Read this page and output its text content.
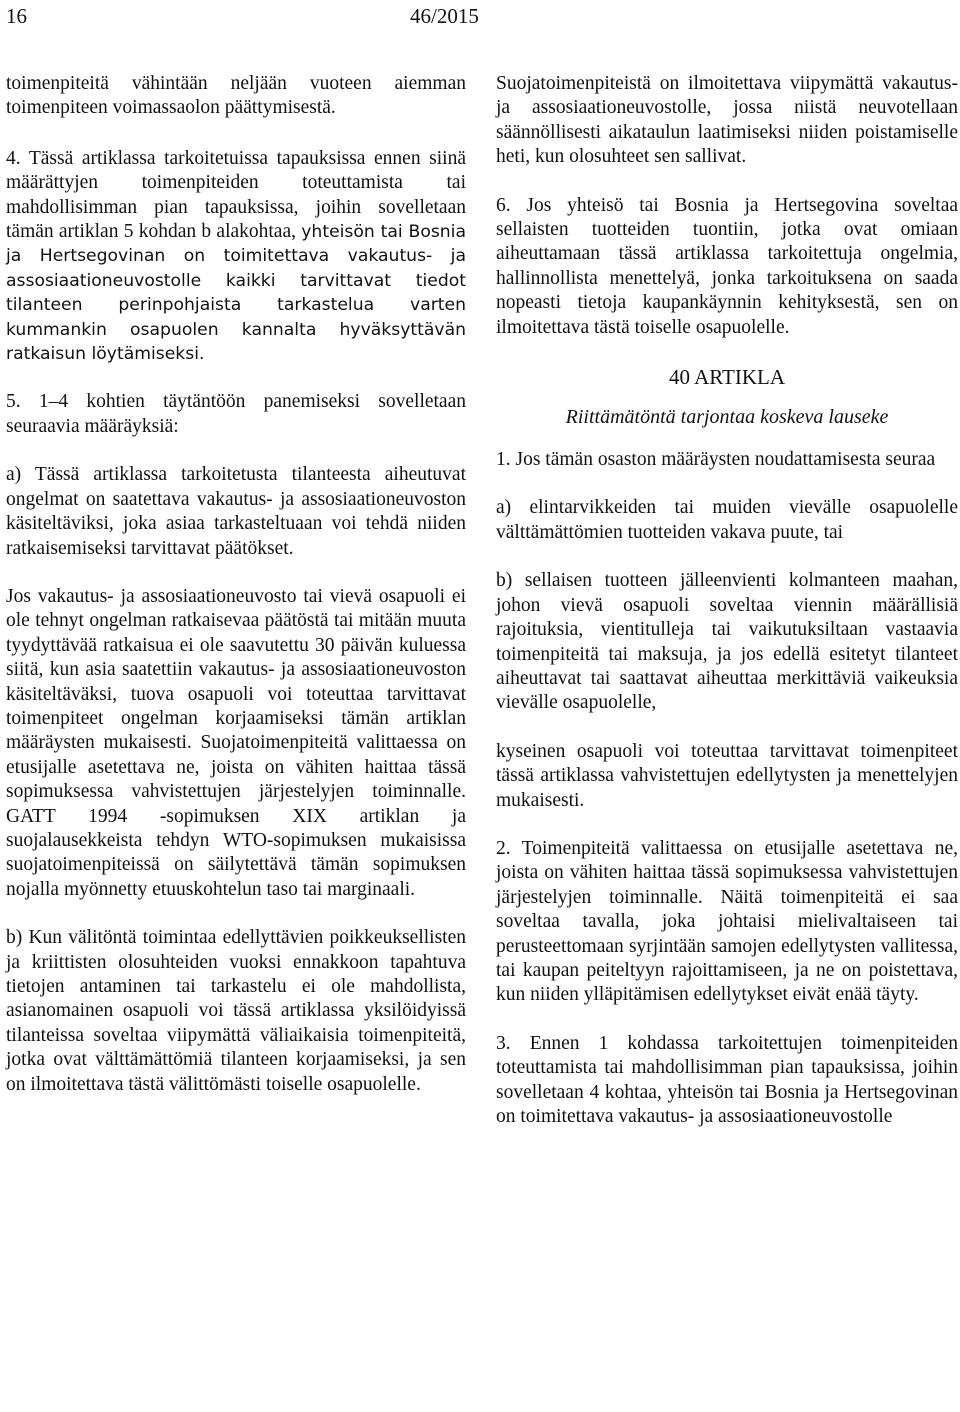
16	46/2015

toimenpiteitä vähintään neljään vuoteen aiemman toimenpiteen voimassaolon päättymisestä.

4. Tässä artiklassa tarkoitetuissa tapauksissa ennen siinä määrättyjen toimenpiteiden toteuttamista tai mahdollisimman pian tapauksissa, joihin sovelletaan tämän artiklan 5 kohdan b alakohtaa, yhteisön tai Bosnia ja Hertsegovinan on toimitettava vakautus- ja assosiaationeuvostolle kaikki tarvittavat tiedot tilanteen perinpohjaista tarkastelua varten kummankin osapuolen kannalta hyväksyttävän ratkaisun löytämiseksi.

5. 1–4 kohtien täytäntöön panemiseksi sovelletaan seuraavia määräyksiä:

a) Tässä artiklassa tarkoitetusta tilanteesta aiheutuvat ongelmat on saatettava vakautus- ja assosiaationeuvoston käsiteltäviksi, joka asiaa tarkasteltuaan voi tehdä niiden ratkaisemiseksi tarvittavat päätökset.

Jos vakautus- ja assosiaationeuvosto tai vievä osapuoli ei ole tehnyt ongelman ratkaisevaa päätöstä tai mitään muuta tyydyttävää ratkaisua ei ole saavutettu 30 päivän kuluessa siitä, kun asia saatettiin vakautus- ja assosiaationeuvoston käsiteltäväksi, tuova osapuoli voi toteuttaa tarvittavat toimenpiteet ongelman korjaamiseksi tämän artiklan määräysten mukaisesti. Suojatoimenpiteitä valittaessa on etusijalle asetettava ne, joista on vähiten haittaa tässä sopimuksessa vahvistettujen järjestelyjen toiminnalle. GATT 1994 -sopimuksen XIX artiklan ja suojalausekkeista tehdyn WTO-sopimuksen mukaisissa suojatoimenpiteissä on säilytettävä tämän sopimuksen nojalla myönnetty etuuskohtelun taso tai marginaali.

b) Kun välitöntä toimintaa edellyttävien poikkeuksellisten ja kriittisten olosuhteiden vuoksi ennakkoon tapahtuva tietojen antaminen tai tarkastelu ei ole mahdollista, asianomainen osapuoli voi tässä artiklassa yksilöidyissä tilanteissa soveltaa viipymättä väliaikaisia toimenpiteitä, jotka ovat välttämättömiä tilanteen korjaamiseksi, ja sen on ilmoitettava tästä välittömästi toiselle osapuolelle.

Suojatoimenpiteistä on ilmoitettava viipymättä vakautus- ja assosiaationeuvostolle, jossa niistä neuvotellaan säännöllisesti aikataulun laatimiseksi niiden poistamiselle heti, kun olosuhteet sen sallivat.

6. Jos yhteisö tai Bosnia ja Hertsegovina soveltaa sellaisten tuotteiden tuontiin, jotka ovat omiaan aiheuttamaan tässä artiklassa tarkoitettuja ongelmia, hallinnollista menettelyä, jonka tarkoituksena on saada nopeasti tietoja kaupankäynnin kehityksestä, sen on ilmoitettava tästä toiselle osapuolelle.

40 ARTIKLA
Riittämätöntä tarjontaa koskeva lauseke

1. Jos tämän osaston määräysten noudattamisesta seuraa

a) elintarvikkeiden tai muiden vievälle osapuolelle välttämättömien tuotteiden vakava puute, tai

b) sellaisen tuotteen jälleenvienti kolmanteen maahan, johon vievä osapuoli soveltaa viennin määrällisiä rajoituksia, vientitulleja tai vaikutuksiltaan vastaavia toimenpiteitä tai maksuja, ja jos edellä esitetyt tilanteet aiheuttavat tai saattavat aiheuttaa merkittäviä vaikeuksia vievälle osapuolelle,

kyseinen osapuoli voi toteuttaa tarvittavat toimenpiteet tässä artiklassa vahvistettujen edellytysten ja menettelyjen mukaisesti.

2. Toimenpiteitä valittaessa on etusijalle asetettava ne, joista on vähiten haittaa tässä sopimuksessa vahvistettujen järjestelyjen toiminnalle. Näitä toimenpiteitä ei saa soveltaa tavalla, joka johtaisi mielivaltaiseen tai perusteettomaan syrjintään samojen edellytysten vallitessa, tai kaupan peiteltyyn rajoittamiseen, ja ne on poistettava, kun niiden ylläpitämisen edellytykset eivät enää täyty.

3. Ennen 1 kohdassa tarkoitettujen toimenpiteiden toteuttamista tai mahdollisimman pian tapauksissa, joihin sovelletaan 4 kohtaa, yhteisön tai Bosnia ja Hertsegovinan on toimitettava vakautus- ja assosiaationeuvostolle
